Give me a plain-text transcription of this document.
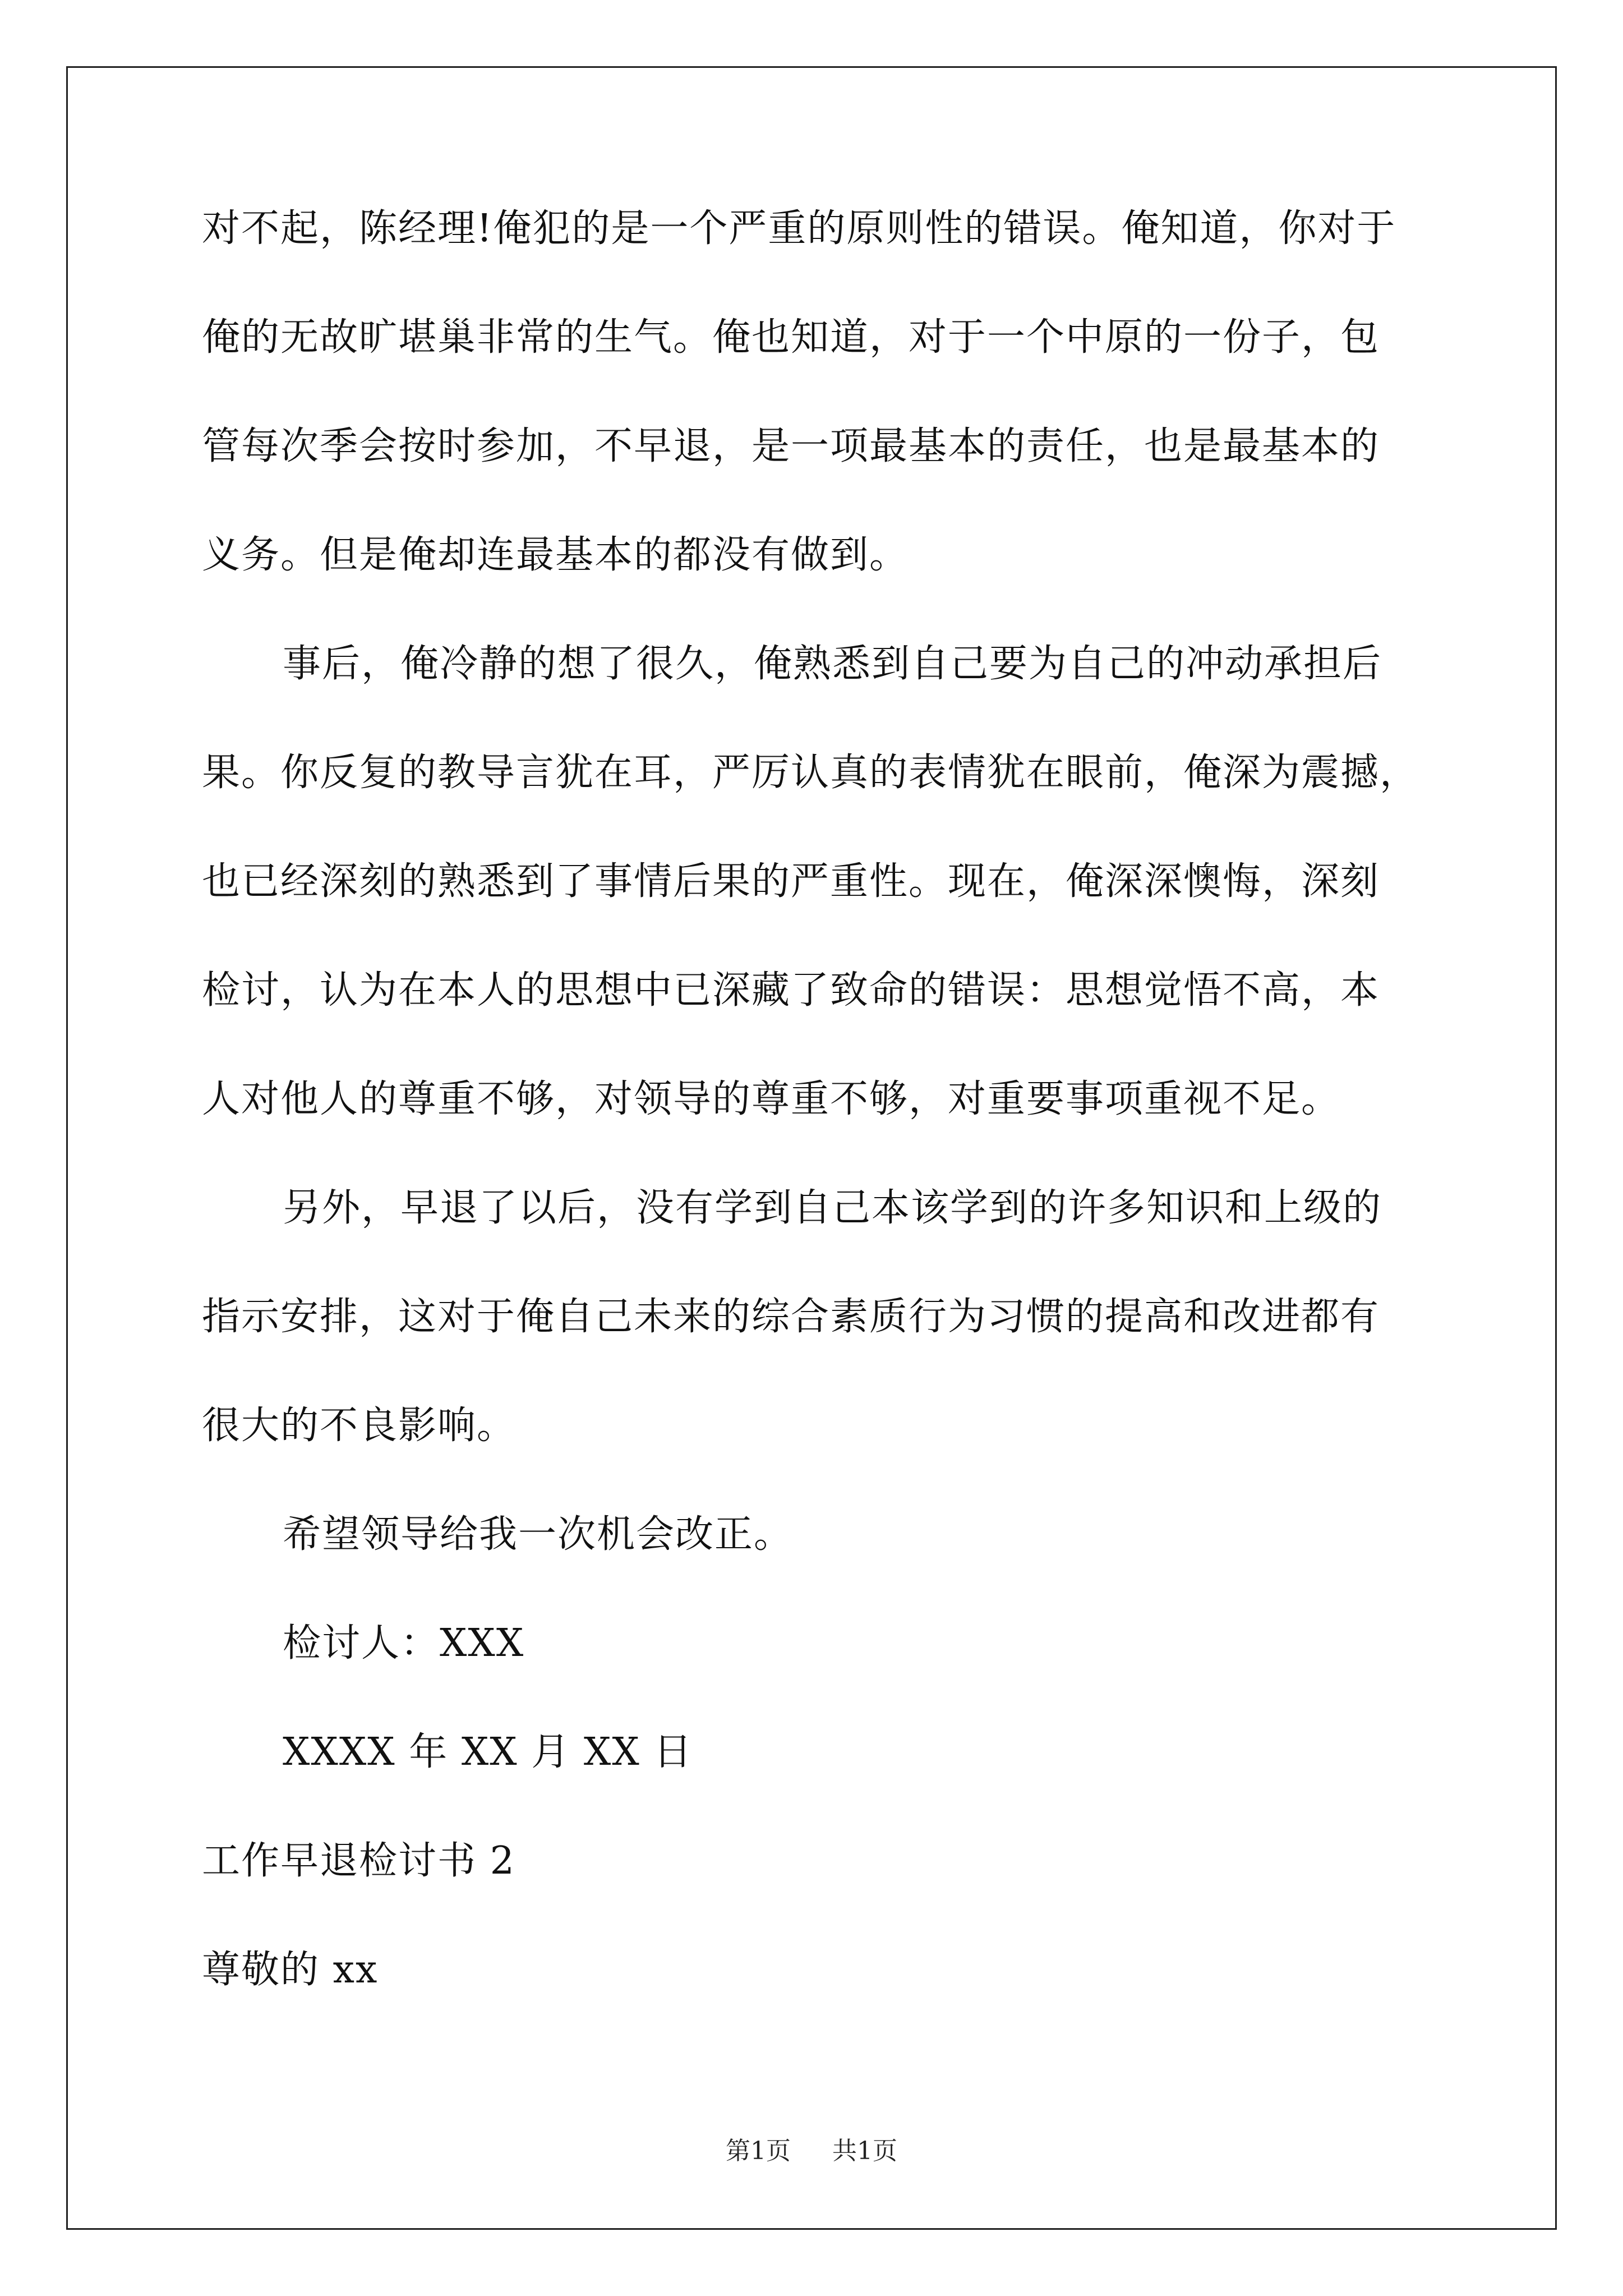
对不起，陈经理!俺犯的是一个严重的原则性的错误。俺知道，你对于
俺的无故旷堪巢非常的生气。俺也知道，对于一个中原的一份子，包
管每次季会按时参加，不早退，是一项最基本的责任，也是最基本的
义务。但是俺却连最基本的都没有做到。
事后，俺冷静的想了很久，俺熟悉到自己要为自己的冲动承担后
果。你反复的教导言犹在耳，严厉认真的表情犹在眼前，俺深为震撼，
也已经深刻的熟悉到了事情后果的严重性。现在，俺深深懊悔，深刻
检讨，认为在本人的思想中已深藏了致命的错误：思想觉悟不高，本
人对他人的尊重不够，对领导的尊重不够，对重要事项重视不足。
另外，早退了以后，没有学到自己本该学到的许多知识和上级的
指示安排，这对于俺自己未来的综合素质行为习惯的提高和改进都有
很大的不良影响。
希望领导给我一次机会改正。
检讨人：XXX
XXXX 年 XX 月 XX 日
工作早退检讨书 2
尊敬的 xx
第1页 共1页
